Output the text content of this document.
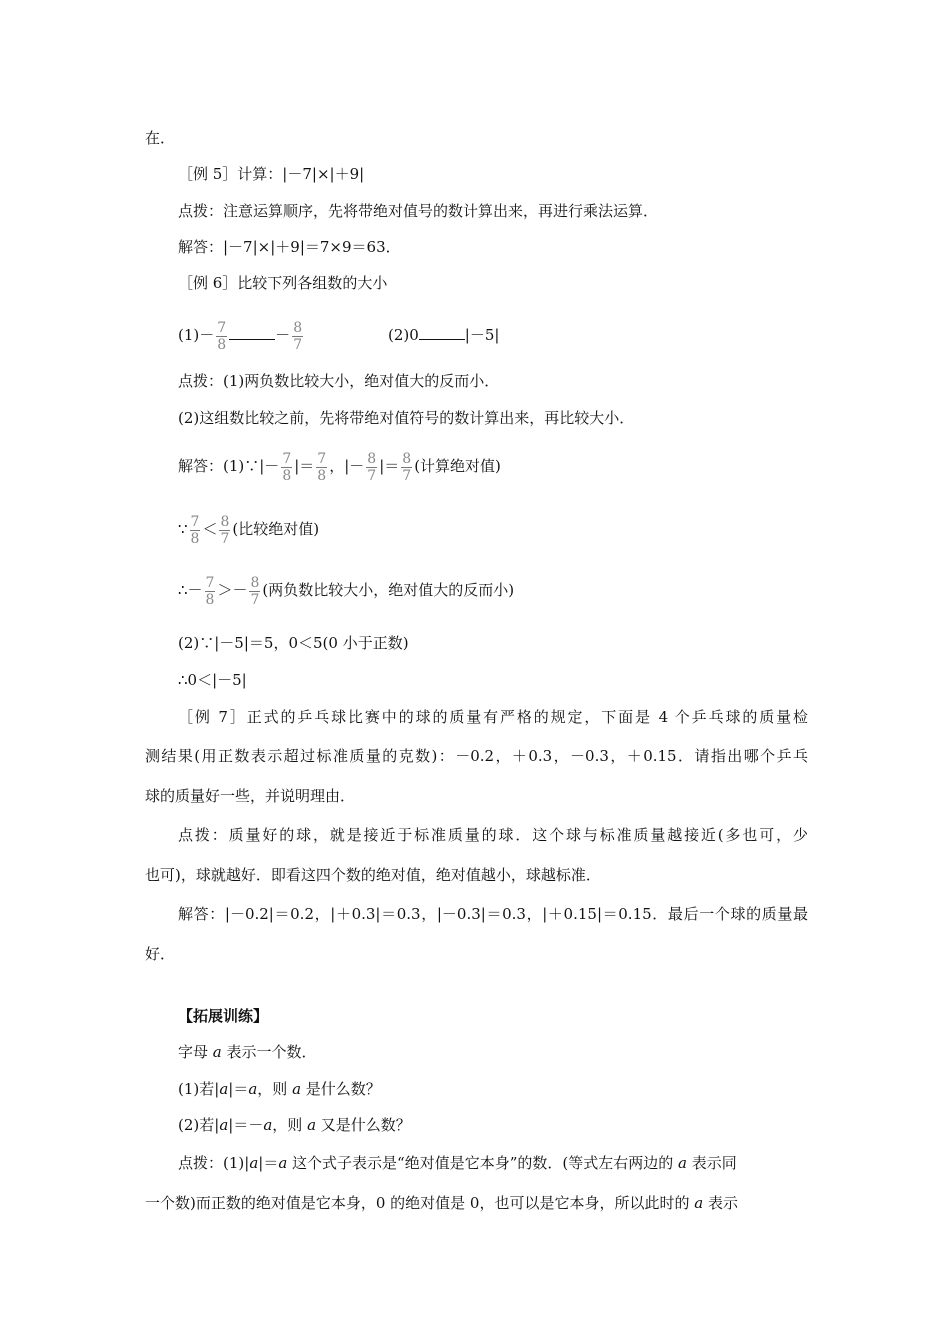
在．
［例 5］计算：|－7|×|＋9|
点拨：注意运算顺序，先将带绝对值号的数计算出来，再进行乘法运算．
解答：|－7|×|＋9|＝7×9＝63．
［例 6］比较下列各组数的大小
$(1)- \frac{7}{8}$	－ $\frac{8}{7}$	(2)0	|－5|
点拨：(1)两负数比较大小，绝对值大的反而小．
(2)这组数比较之前，先将带绝对值符号的数计算出来，再比较大小．
解答：(1)∵|－ $\frac{7}{8}$ |＝ $\frac{7}{8}$ ，|－ $\frac{8}{7}$ |＝ $\frac{8}{7}$ (计算绝对值)
∵ $\frac{7}{8} < \frac{8}{7}$ (比较绝对值)
∴－ $\frac{7}{8} >- \frac{8}{7}$ (两负数比较大小，绝对值大的反而小)
(2)∵|－5|＝5，0＜5(0 小于正数)
∴0＜|－5|
［例 7］正式的乒乓球比赛中的球的质量有严格的规定，下面是 4 个乒乓球的质量检
测结果(用正数表示超过标准质量的克数)：－0.2，＋0.3，－0.3，＋0.15．请指出哪个乒乓
球的质量好一些，并说明理由．
点拨：质量好的球，就是接近于标准质量的球．这个球与标准质量越接近(多也可，少
也可)，球就越好．即看这四个数的绝对值，绝对值越小，球越标准．
解答：|－0.2|＝0.2，|＋0.3|＝0.3，|－0.3|＝0.3，|＋0.15|＝0.15．最后一个球的质量最
好．
【拓展训练】
字母 a 表示一个数．
(1)若|a|＝a，则 a 是什么数？
(2)若|a|＝－a，则 a 又是什么数？
点拨：(1)|a|＝a 这个式子表示是“绝对值是它本身”的数．(等式左右两边的 a 表示同
一个数)而正数的绝对值是它本身，0 的绝对值是 0，也可以是它本身，所以此时的 a 表示
